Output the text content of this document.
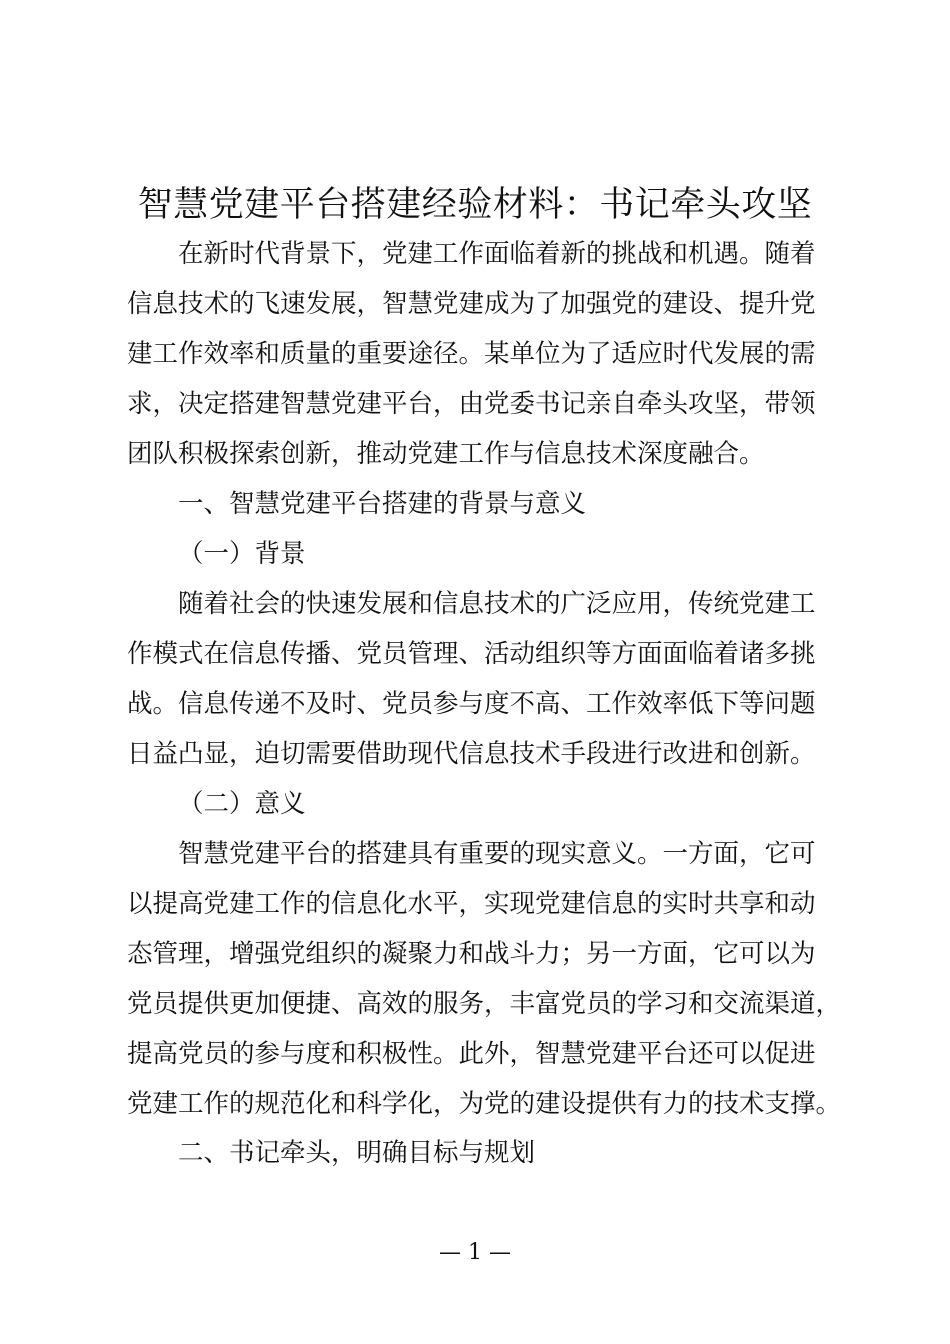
智慧党建平台搭建经验材料：书记牵头攻坚

在新时代背景下，党建工作面临着新的挑战和机遇。随着

信息技术的飞速发展，智慧党建成为了加强党的建设、提升党

建工作效率和质量的重要途径。某单位为了适应时代发展的需

求，决定搭建智慧党建平台，由党委书记亲自牵头攻坚，带领

团队积极探索创新，推动党建工作与信息技术深度融合。

一、智慧党建平台搭建的背景与意义

（一）背景

随着社会的快速发展和信息技术的广泛应用，传统党建工

作模式在信息传播、党员管理、活动组织等方面面临着诸多挑

战。信息传递不及时、党员参与度不高、工作效率低下等问题

日益凸显，迫切需要借助现代信息技术手段进行改进和创新。

（二）意义

智慧党建平台的搭建具有重要的现实意义。一方面，它可

以提高党建工作的信息化水平，实现党建信息的实时共享和动

态管理，增强党组织的凝聚力和战斗力；另一方面，它可以为

党员提供更加便捷、高效的服务，丰富党员的学习和交流渠道，

提高党员的参与度和积极性。此外，智慧党建平台还可以促进

党建工作的规范化和科学化，为党的建设提供有力的技术支撑。

二、书记牵头，明确目标与规划

— 1 —
